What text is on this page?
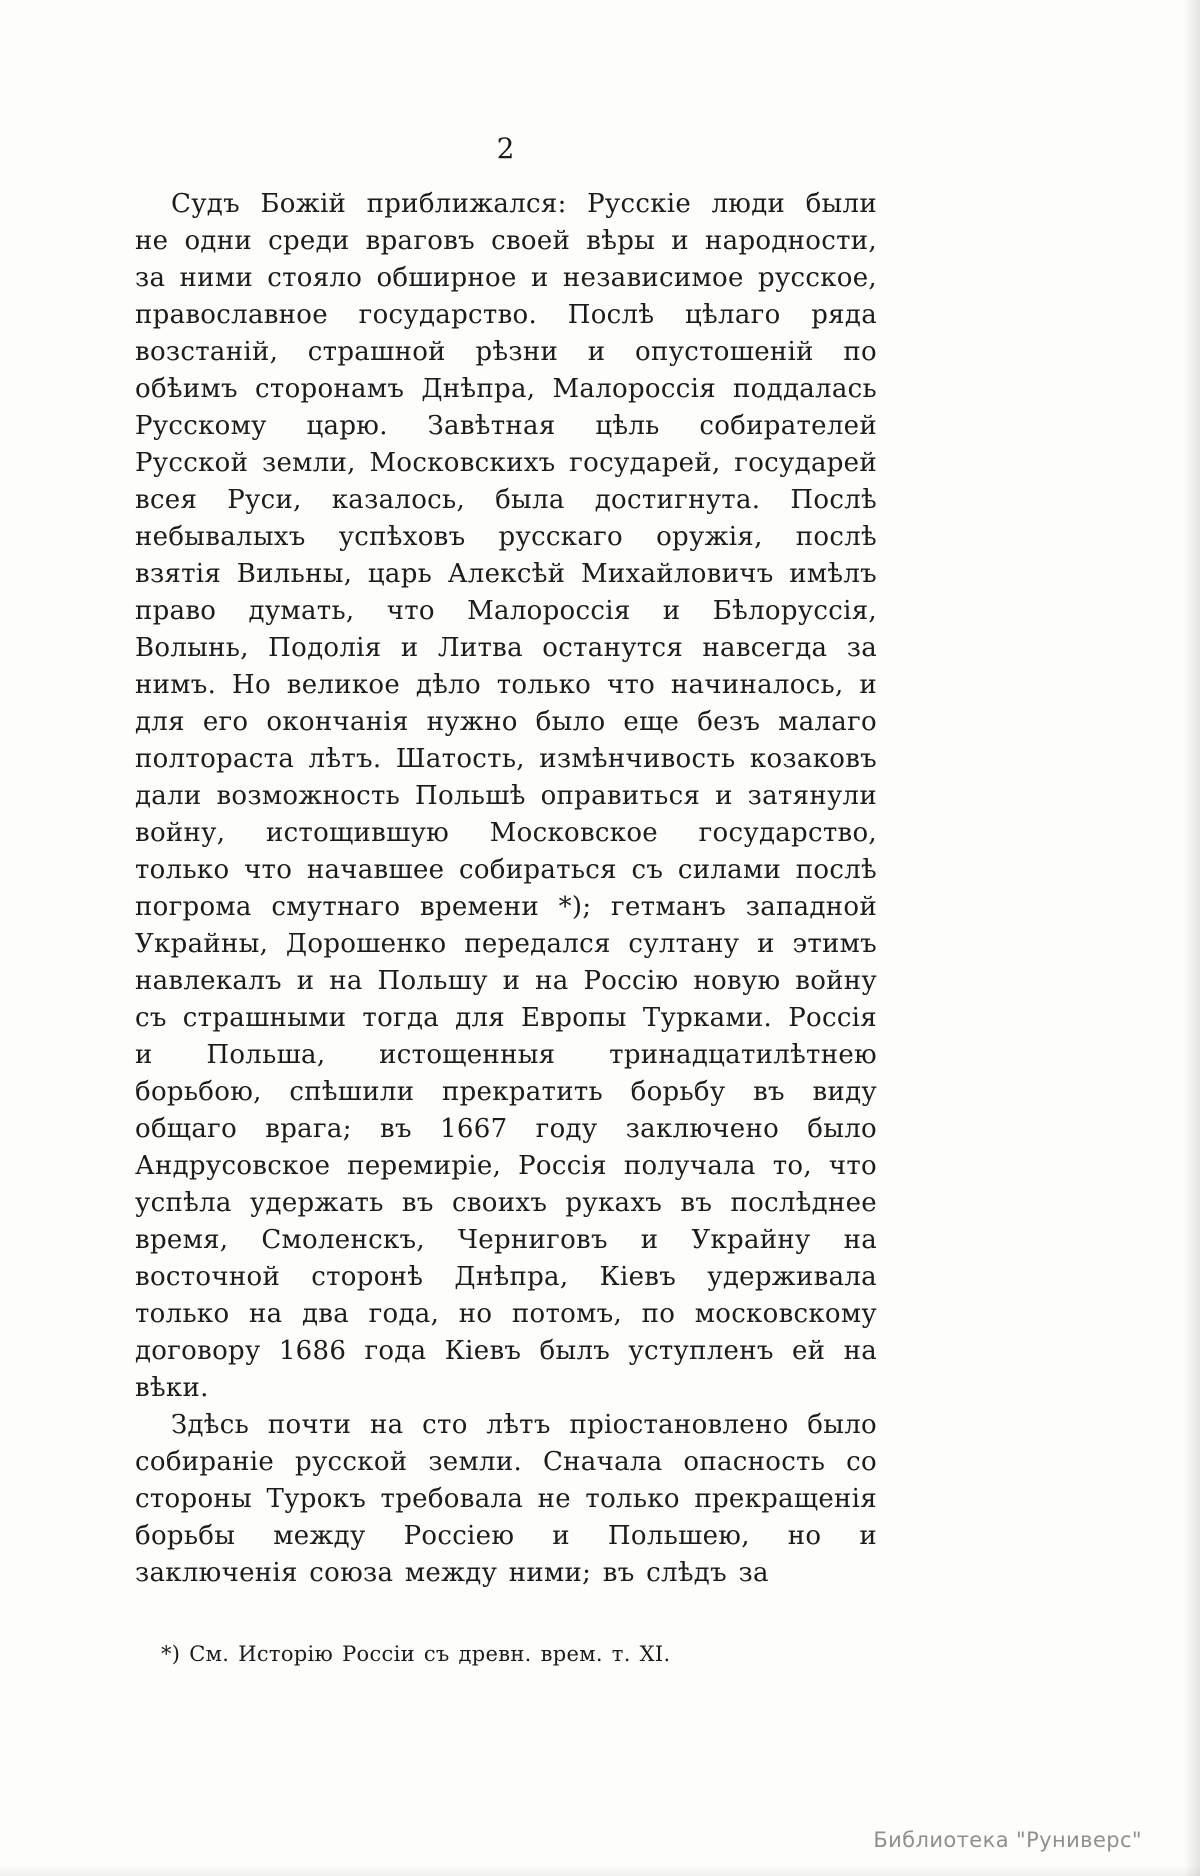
2

Судъ Божій приближался: Русскіе люди были не одни среди враговъ своей вѣры и народности, за ними стояло обширное и независимое русское, православное государство. Послѣ цѣлаго ряда возстаній, страшной рѣзни и опустошеній по обѣимъ сторонамъ Днѣпра, Малороссія поддалась Русскому царю. Завѣтная цѣль собирателей Русской земли, Московскихъ государей, государей всея Руси, казалось, была достигнута. Послѣ небывалыхъ успѣховъ русскаго оружія, послѣ взятія Вильны, царь Алексѣй Михайловичъ имѣлъ право думать, что Малороссія и Бѣлоруссія, Волынь, Подолія и Литва останутся навсегда за нимъ. Но великое дѣло только что начиналось, и для его окончанія нужно было еще безъ малаго полтораста лѣтъ. Шатость, измѣнчивость козаковъ дали возможность Польшѣ оправиться и затянули войну, истощившую Московское государство, только что начавшее собираться съ силами послѣ погрома смутнаго времени *); гетманъ западной Украйны, Дорошенко передался султану и этимъ навлекалъ и на Польшу и на Россію новую войну съ страшными тогда для Европы Турками. Россія и Польша, истощенныя тринадцатилѣтнею борьбою, спѣшили прекратить борьбу въ виду общаго врага; въ 1667 году заключено было Андрусовское перемиріе, Россія получала то, что успѣла удержать въ своихъ рукахъ въ послѣднее время, Смоленскъ, Черниговъ и Украйну на восточной сторонѣ Днѣпра, Кіевъ удерживала только на два года, но потомъ, по московскому договору 1686 года Кіевъ былъ уступленъ ей на вѣки.

Здѣсь почти на сто лѣтъ пріостановлено было собираніе русской земли. Сначала опасность со стороны Турокъ требовала не только прекращенія борьбы между Россіею и Польшею, но и заключенія союза между ними; въ слѣдъ за

*) См. Исторію Россіи съ древн. врем. т. XI.
Библиотека "Руниверс"
